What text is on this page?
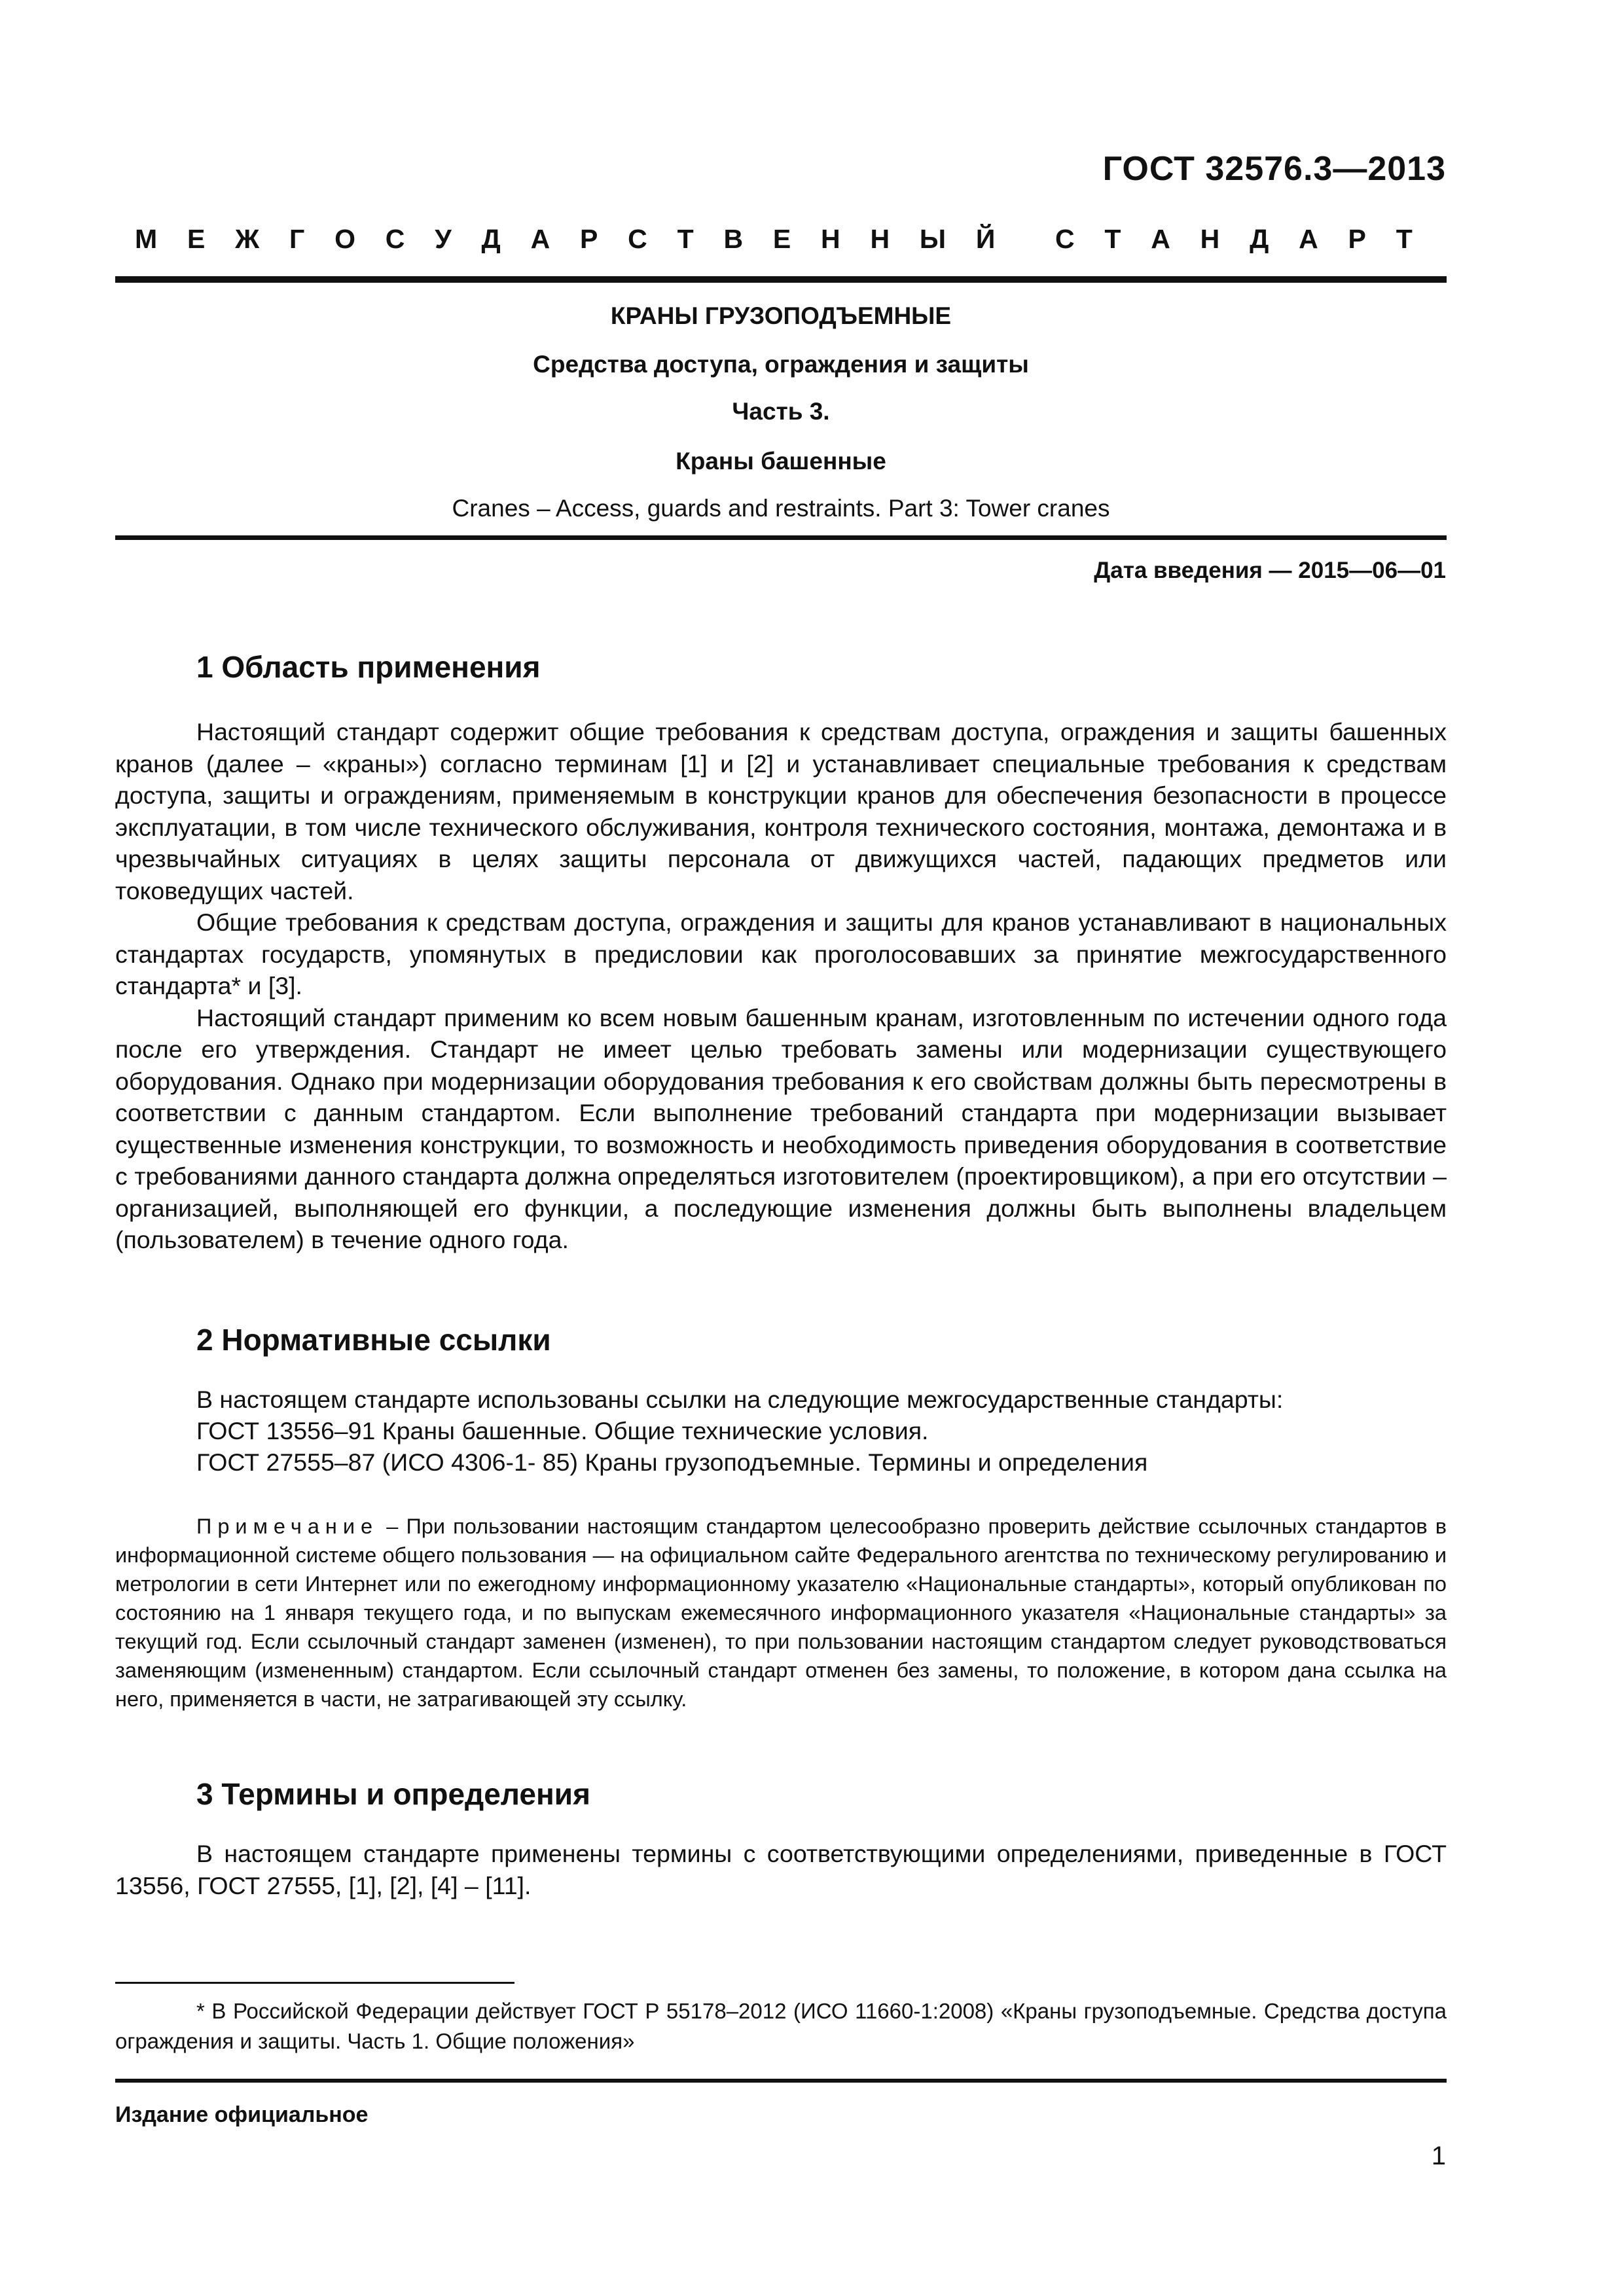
ГОСТ 32576.3—2013
М Е Ж Г О С У Д А Р С Т В Е Н Н Ы Й С Т А Н Д А Р Т
КРАНЫ ГРУЗОПОДЪЕМНЫЕ
Средства доступа, ограждения и защиты
Часть 3.
Краны башенные
Cranes – Access, guards and restraints. Part 3: Tower cranes
Дата введения — 2015—06—01
1 Область применения

Настоящий стандарт содержит общие требования к средствам доступа, ограждения и защиты башенных кранов (далее – «краны») согласно терминам [1] и [2] и устанавливает специальные требования к средствам доступа, защиты и ограждениям, применяемым в конструкции кранов для обеспечения безопасности в процессе эксплуатации, в том числе технического обслуживания, контроля технического состояния, монтажа, демонтажа и в чрезвычайных ситуациях в целях защиты персонала от движущихся частей, падающих предметов или токоведущих частей.

Общие требования к средствам доступа, ограждения и защиты для кранов устанавливают в национальных стандартах государств, упомянутых в предисловии как проголосовавших за принятие межгосударственного стандарта* и [3].

Настоящий стандарт применим ко всем новым башенным кранам, изготовленным по истечении одного года после его утверждения. Стандарт не имеет целью требовать замены или модернизации существующего оборудования. Однако при модернизации оборудования требования к его свойствам должны быть пересмотрены в соответствии с данным стандартом. Если выполнение требований стандарта при модернизации вызывает существенные изменения конструкции, то возможность и необходимость приведения оборудования в соответствие с требованиями данного стандарта должна определяться изготовителем (проектировщиком), а при его отсутствии – организацией, выполняющей его функции, а последующие изменения должны быть выполнены владельцем (пользователем) в течение одного года.

2 Нормативные ссылки
В настоящем стандарте использованы ссылки на следующие межгосударственные стандарты:
ГОСТ 13556–91 Краны башенные. Общие технические условия.
ГОСТ 27555–87 (ИСО 4306-1- 85) Краны грузоподъемные. Термины и определения

Примечание – При пользовании настоящим стандартом целесообразно проверить действие ссылочных стандартов в информационной системе общего пользования — на официальном сайте Федерального агентства по техническому регулированию и метрологии в сети Интернет или по ежегодному информационному указателю «Национальные стандарты», который опубликован по состоянию на 1 января текущего года, и по выпускам ежемесячного информационного указателя «Национальные стандарты» за текущий год. Если ссылочный стандарт заменен (изменен), то при пользовании настоящим стандартом следует руководствоваться заменяющим (измененным) стандартом. Если ссылочный стандарт отменен без замены, то положение, в котором дана ссылка на него, применяется в части, не затрагивающей эту ссылку.

3 Термины и определения

В настоящем стандарте применены термины с соответствующими определениями, приведенные в ГОСТ 13556, ГОСТ 27555, [1], [2], [4] – [11].

* В Российской Федерации действует ГОСТ Р 55178–2012 (ИСО 11660-1:2008) «Краны грузоподъемные. Средства доступа ограждения и защиты. Часть 1. Общие положения»

Издание официальное
1
